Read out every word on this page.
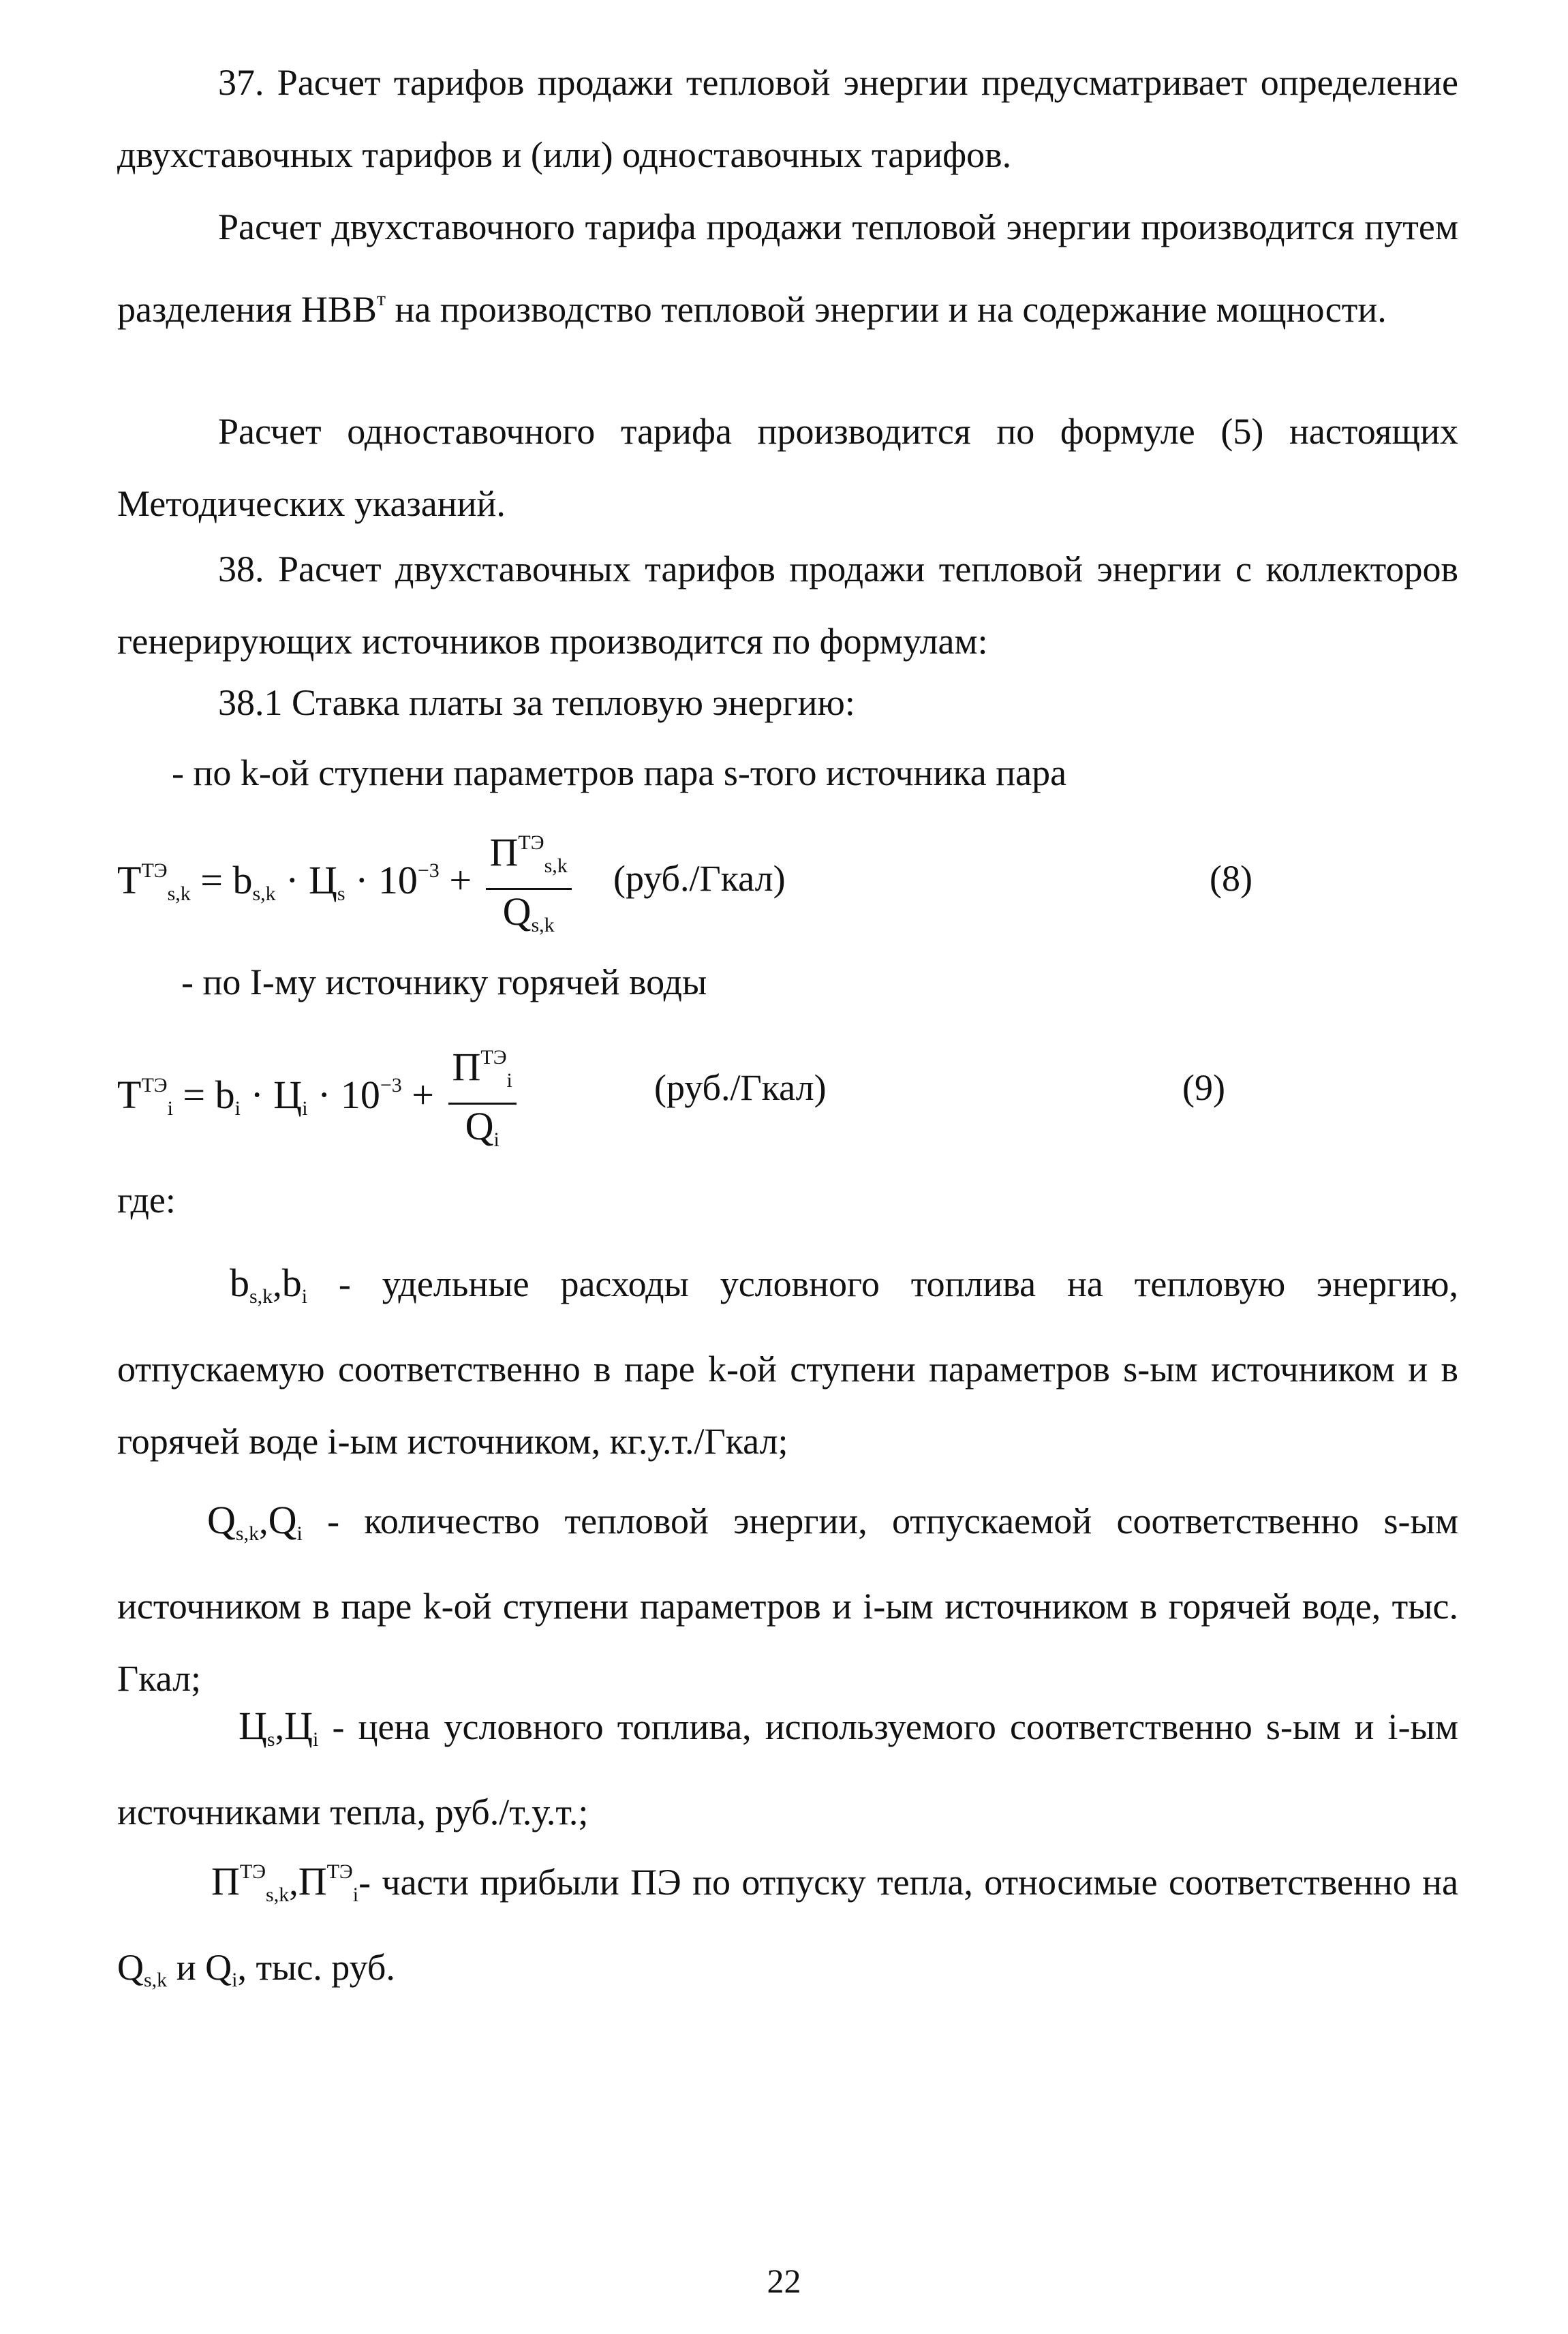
37. Расчет тарифов продажи тепловой энергии предусматривает определение двухставочных тарифов и (или) одноставочных тарифов.

Расчет двухставочного тарифа продажи тепловой энергии производится путем разделения $НВВ^т$ на производство тепловой энергии и на содержание мощности.

Расчет одноставочного тарифа производится по формуле (5) настоящих Методических указаний.

38. Расчет двухставочных тарифов продажи тепловой энергии с коллекторов генерирующих источников производится по формулам:

38.1 Ставка платы за тепловую энергию:

- по k-ой ступени параметров пара s-того источника пара

$T^{ТЭ}_{s,k} = b_{s,k} \cdot Ц_s \cdot 10^{-3} + \frac{П^{ТЭ}_{s,k}}{Q_{s,k}}$ (руб./Гкал)	(8)

- по I-му источнику горячей воды

$T^{ТЭ}_i = b_i \cdot Ц_i \cdot 10^{-3} + \frac{П^{ТЭ}_i}{Q_i}$	(руб./Гкал)	(9)

где:

$b_{s,k},b_i$ - удельные расходы условного топлива на тепловую энергию, отпускаемую соответственно в паре k-ой ступени параметров s-ым источником и в горячей воде i-ым источником, кг.у.т./Гкал;

$Q_{s,k},Q_i$ - количество тепловой энергии, отпускаемой соответственно s-ым источником в паре k-ой ступени параметров и i-ым источником в горячей воде, тыс. Гкал;

$Ц_s,Ц_i$ - цена условного топлива, используемого соответственно s-ым и i-ым источниками тепла, руб./т.у.т.;

$П^{ТЭ}_{s,k},П^{ТЭ}_i-$ части прибыли ПЭ по отпуску тепла, относимые соответственно на $Q_{s,k}$ и $Q_i$, тыс. руб.

22
